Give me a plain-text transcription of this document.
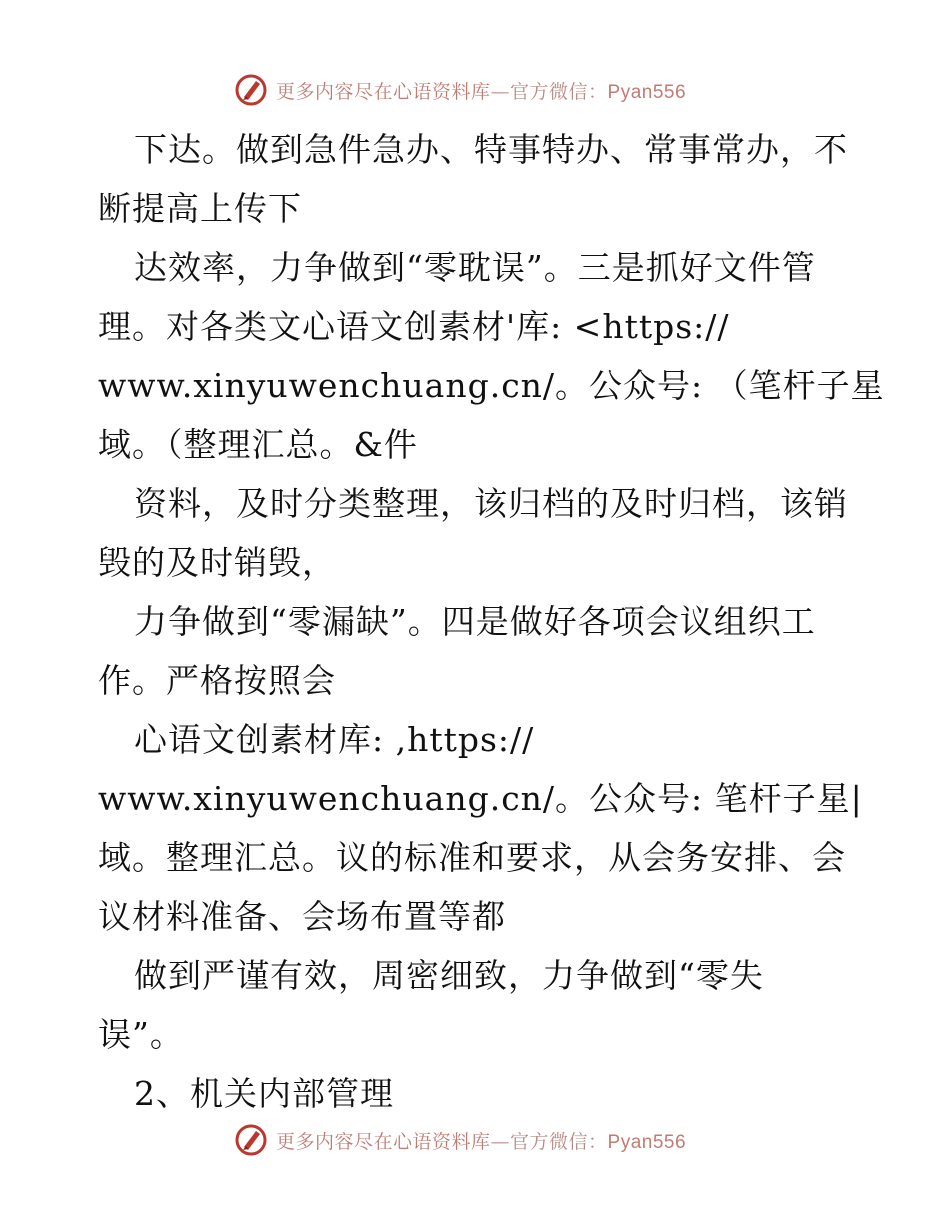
更多内容尽在心语资料库—官方微信：Pyan556
下达。做到急件急办、特事特办、常事常办，不
断提高上传下
达效率，力争做到“零耽误”。三是抓好文件管
理。对各类文心语文创素材'库: <https://
www.xinyuwenchuang.cn/。公众号: （笔杆子星
域。（整理汇总。&件
资料，及时分类整理，该归档的及时归档，该销
毁的及时销毁，
力争做到“零漏缺”。四是做好各项会议组织工
作。严格按照会
心语文创素材库: ,https://
www.xinyuwenchuang.cn/。公众号: 笔杆子星|
域。整理汇总。议的标准和要求，从会务安排、会
议材料准备、会场布置等都
做到严谨有效，周密细致，力争做到“零失
误”。
2、机关内部管理
更多内容尽在心语资料库—官方微信：Pyan556
